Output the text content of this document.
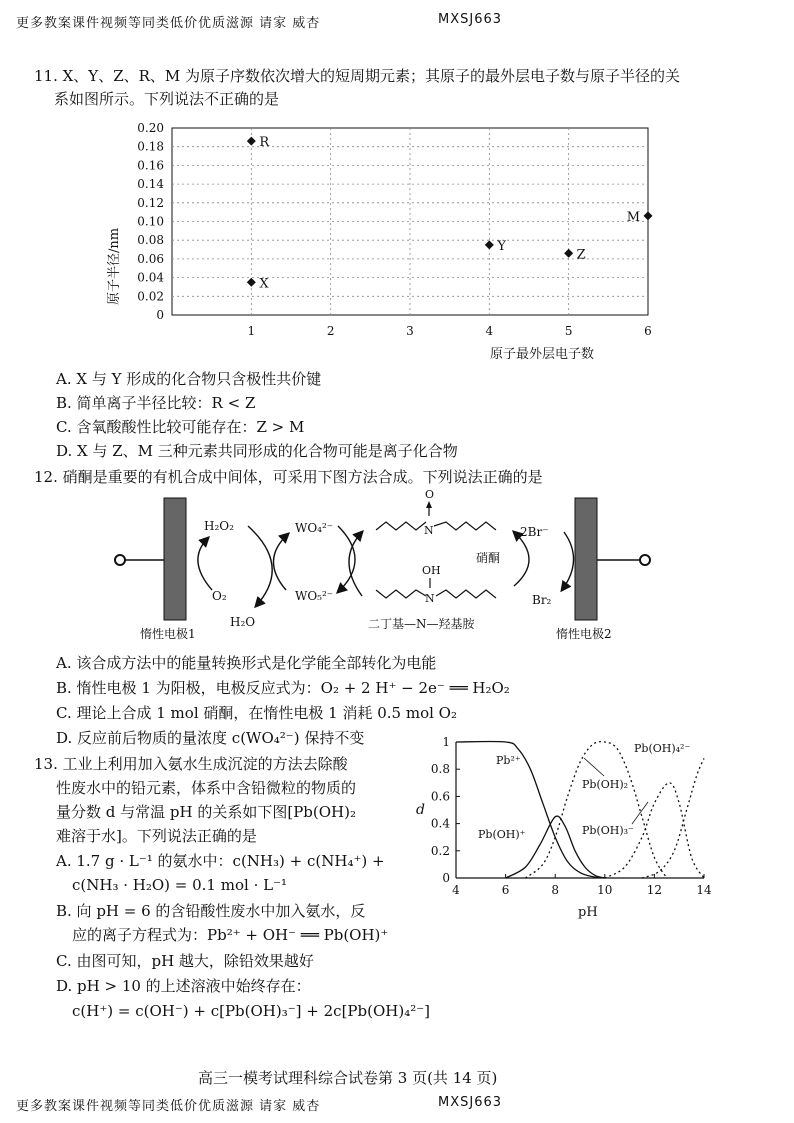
更多教案课件视频等同类低价优质滋源 请家 威杏	MXSJ663
11. X、Y、Z、R、M 为原子序数依次增大的短周期元素；其原子的最外层电子数与原子半径的关
系如图所示。下列说法不正确的是
原子半径/nm
原子最外层电子数
0
0.02
0.04
0.06
0.08
0.10
0.12
0.14
0.16
0.18
0.20
1	2	3	4	5	6
X
R
Y
Z
M
A. X 与 Y 形成的化合物只含极性共价键
B. 简单离子半径比较：R < Z
C. 含氧酸酸性比较可能存在：Z > M
D. X 与 Z、M 三种元素共同形成的化合物可能是离子化合物
12. 硝酮是重要的有机合成中间体，可采用下图方法合成。下列说法正确的是
H₂O₂
O₂
H₂O
WO₄²⁻
WO₅²⁻
N
O
硝酮
OH
N
二丁基—N—羟基胺
2Br⁻
Br₂
惰性电极1	惰性电极2
A. 该合成方法中的能量转换形式是化学能全部转化为电能
B. 惰性电极 1 为阳极，电极反应式为：O₂ + 2 H⁺ − 2e⁻ ══ H₂O₂
C. 理论上合成 1 mol 硝酮，在惰性电极 1 消耗 0.5 mol O₂
D. 反应前后物质的量浓度 c(WO₄²⁻) 保持不变
13. 工业上利用加入氨水生成沉淀的方法去除酸
性废水中的铅元素，体系中含铅微粒的物质的
量分数 d 与常温 pH 的关系如下图[Pb(OH)₂
难溶于水]。下列说法正确的是
A. 1.7 g · L⁻¹ 的氨水中：c(NH₃) + c(NH₄⁺) +
c(NH₃ · H₂O) = 0.1 mol · L⁻¹
B. 向 pH = 6 的含铅酸性废水中加入氨水，反
应的离子方程式为：Pb²⁺ + OH⁻ ══ Pb(OH)⁺
C. 由图可知，pH 越大，除铅效果越好
D. pH > 10 的上述溶液中始终存在：
c(H⁺) = c(OH⁻) + c[Pb(OH)₃⁻] + 2c[Pb(OH)₄²⁻]
d
pH
0
0.2
0.4
0.6
0.8
1
4	6	8	10	12	14
Pb²⁺
Pb(OH)⁺
Pb(OH)₂
Pb(OH)₃⁻
Pb(OH)₄²⁻
高三一模考试理科综合试卷第 3 页(共 14 页)
更多教案课件视频等同类低价优质滋源 请家 威杏	MXSJ663
